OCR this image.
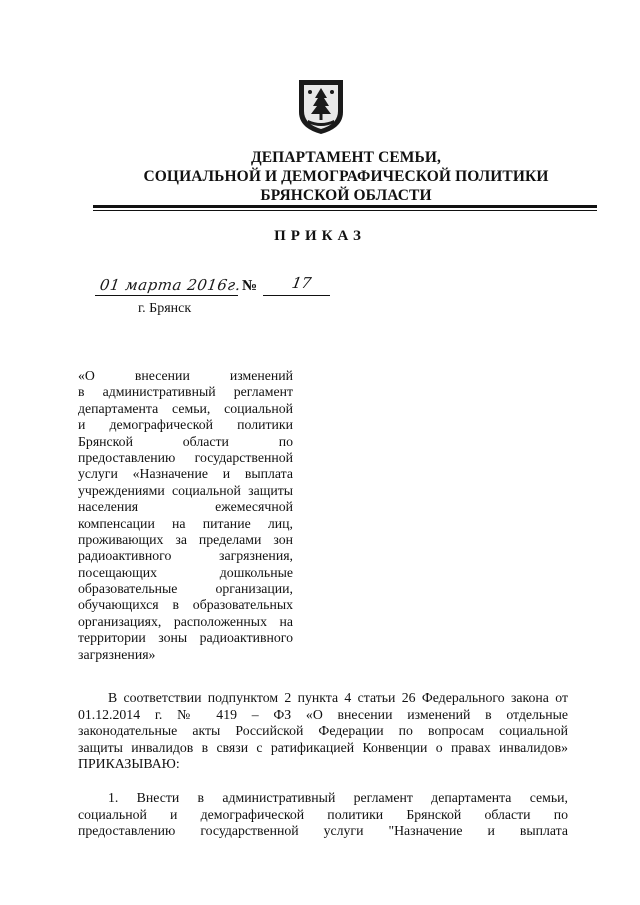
ДЕПАРТАМЕНТ СЕМЬИ,
СОЦИАЛЬНОЙ И ДЕМОГРАФИЧЕСКОЙ ПОЛИТИКИ
БРЯНСКОЙ ОБЛАСТИ
ПРИКАЗ
01 марта 2016г. № 17
г. Брянск
«О внесении изменений
в административный регламент
департамента семьи, социальной
и демографической политики
Брянской области по
предоставлению государственной
услуги «Назначение и выплата
учреждениями социальной защиты
населения ежемесячной
компенсации на питание лиц,
проживающих за пределами зон
радиоактивного загрязнения,
посещающих дошкольные
образовательные организации,
обучающихся в образовательных
организациях, расположенных на
территории зоны радиоактивного
загрязнения»
В соответствии подпунктом 2 пункта 4 статьи 26 Федерального закона от
01.12.2014 г. № 419 – ФЗ «О внесении изменений в отдельные
законодательные акты Российской Федерации по вопросам социальной
защиты инвалидов в связи с ратификацией Конвенции о правах инвалидов»
ПРИКАЗЫВАЮ:
1. Внести в административный регламент департамента семьи,
социальной и демографической политики Брянской области по
предоставлению государственной услуги "Назначение и выплата
